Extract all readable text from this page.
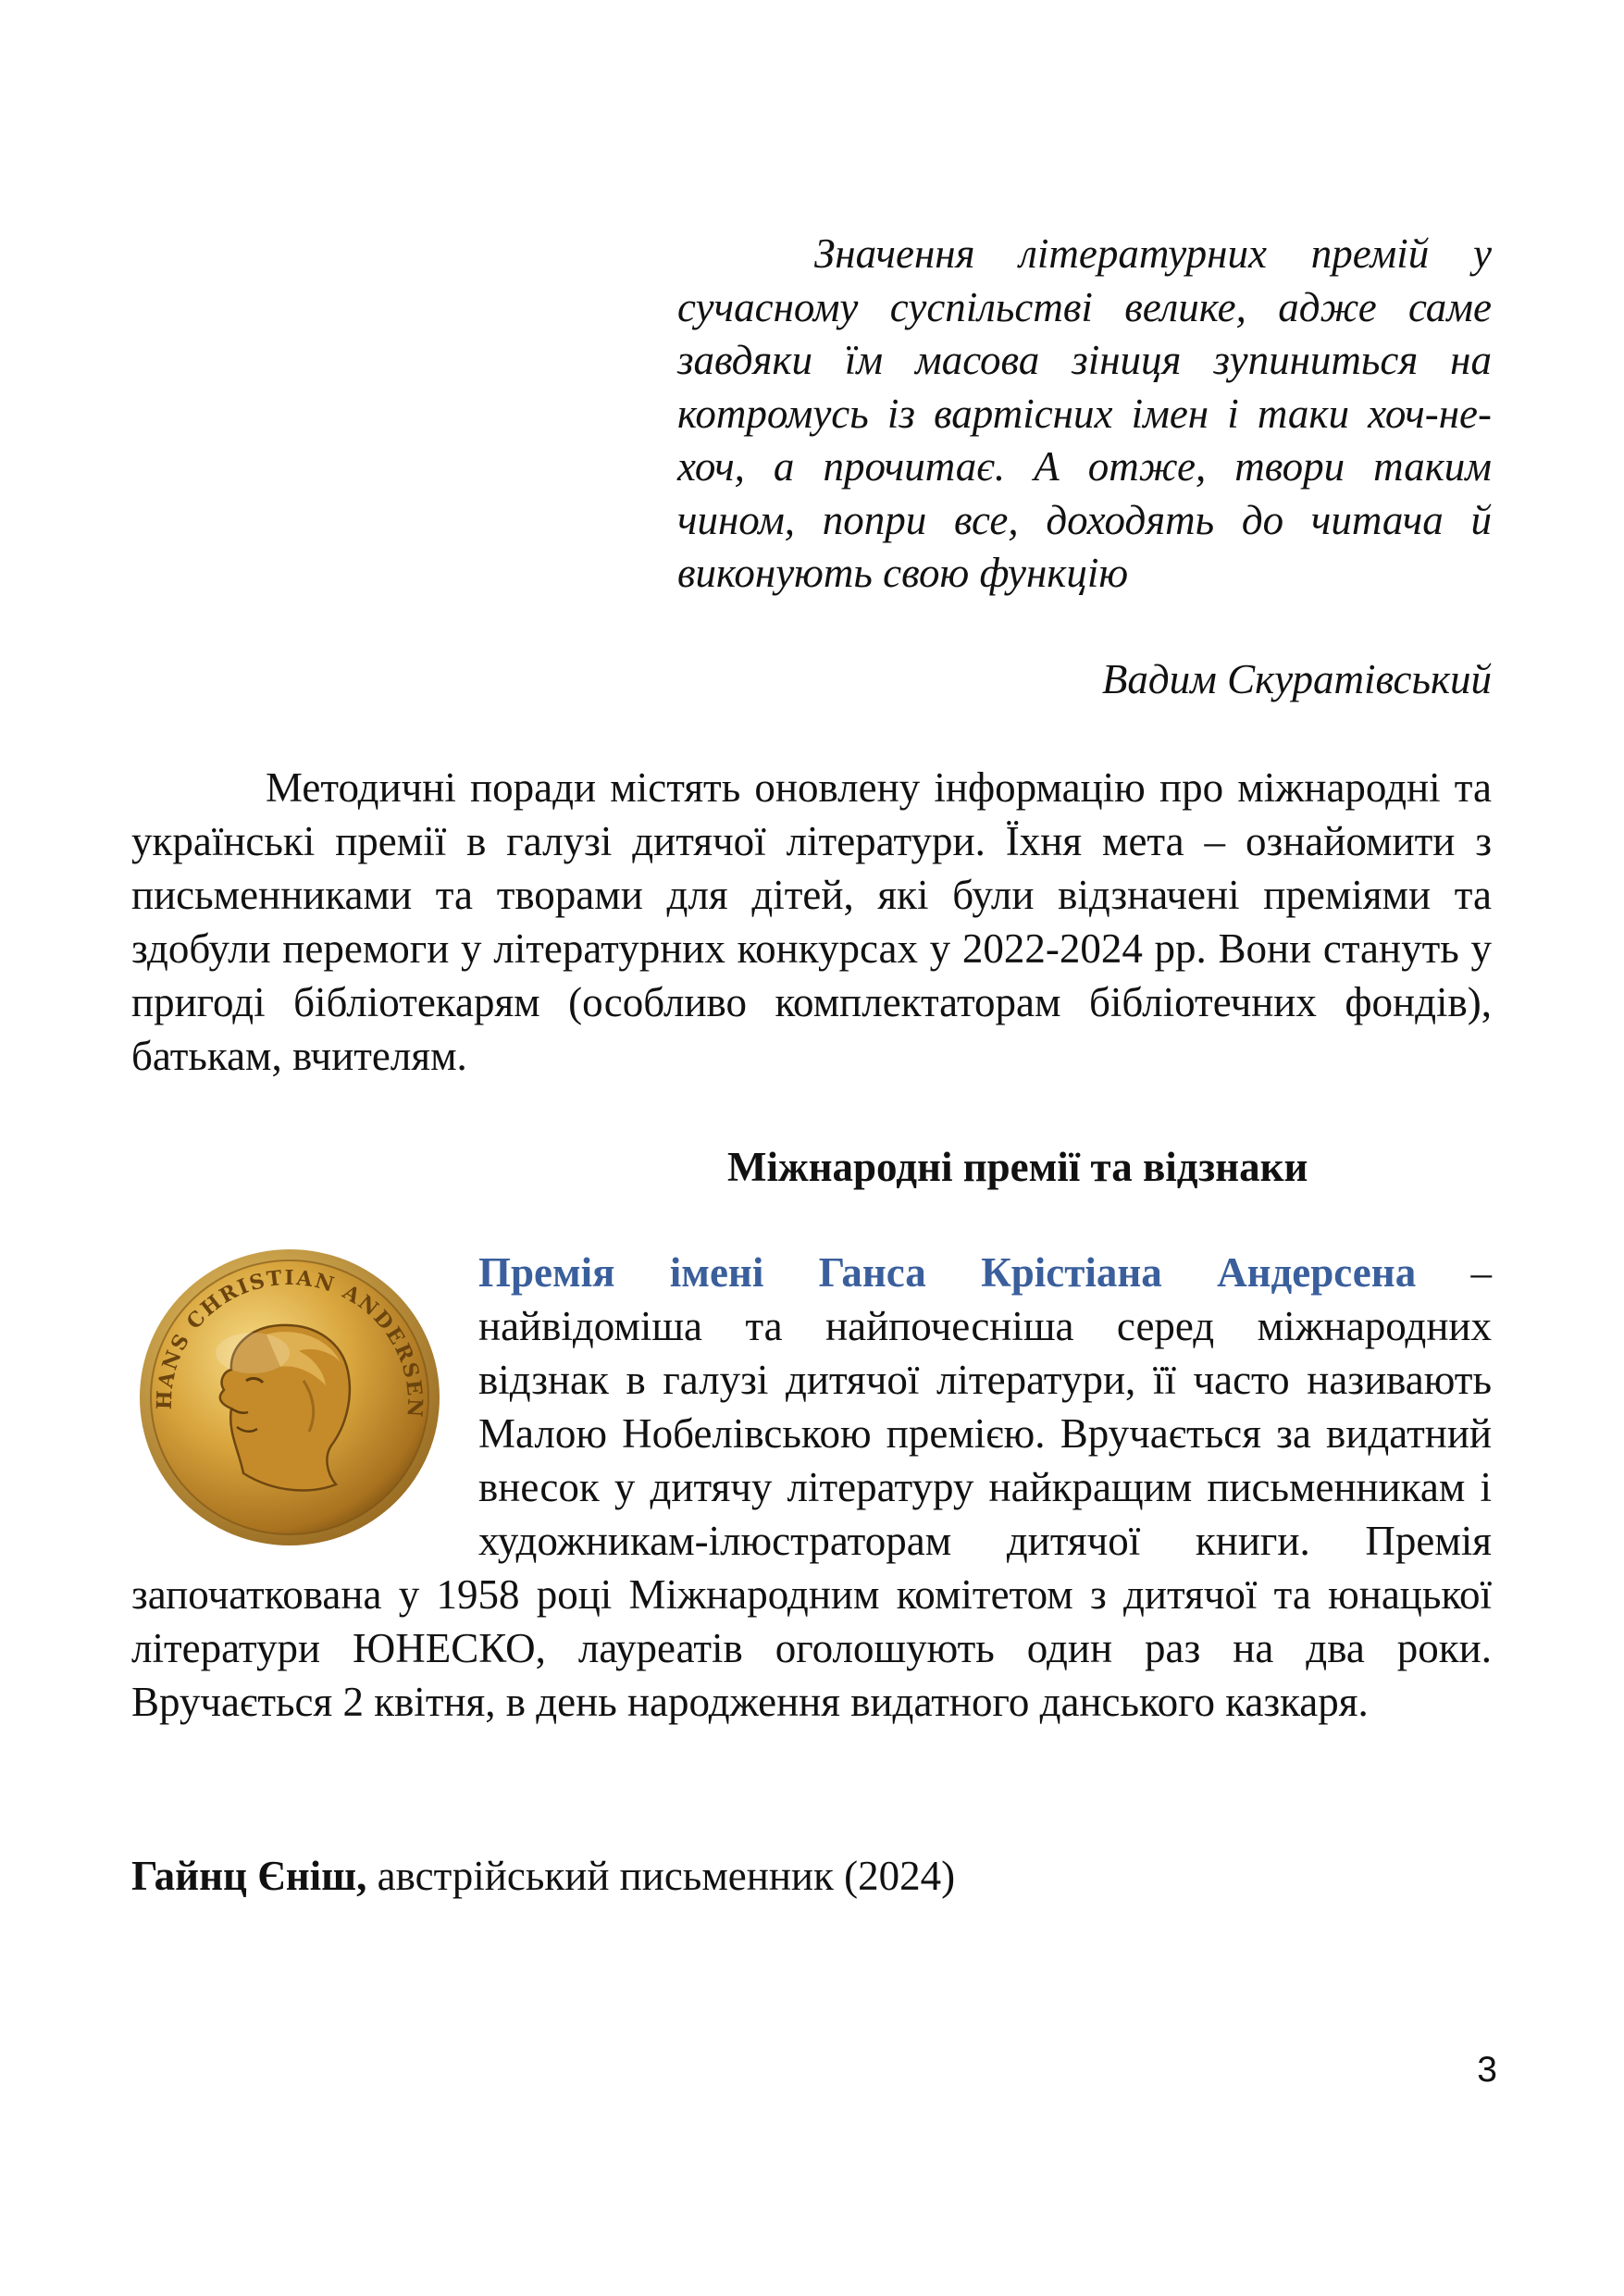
Значення літературних премій у сучасному суспільстві велике, адже саме завдяки їм масова зіниця зупиниться на котромусь із вартісних імен і таки хоч-не-хоч, а прочитає. А отже, твори таким чином, попри все, доходять до читача й виконують свою функцію

Вадим Скуратівський

Методичні поради містять оновлену інформацію про міжнародні та українські премії в галузі дитячої літератури. Їхня мета – ознайомити з письменниками та творами для дітей, які були відзначені преміями та здобули перемоги у літературних конкурсах у 2022-2024 рр. Вони стануть у пригоді бібліотекарям (особливо комплектаторам бібліотечних фондів), батькам, вчителям.

Міжнародні премії та відзнаки
HANS CHRISTIAN ANDERSEN

Премія імені Ганса Крістіана Андерсена – найвідоміша та найпочесніша серед міжнародних відзнак в галузі дитячої літератури, її часто називають Малою Нобелівською премією. Вручається за видатний внесок у дитячу літературу найкращим письменникам і художникам-ілюстраторам дитячої книги. Премія започаткована у 1958 році Міжнародним комітетом з дитячої та юнацької літератури ЮНЕСКО, лауреатів оголошують один раз на два роки. Вручається 2 квітня, в день народження видатного данського казкаря.

Гайнц Єніш, австрійський письменник (2024)

3
